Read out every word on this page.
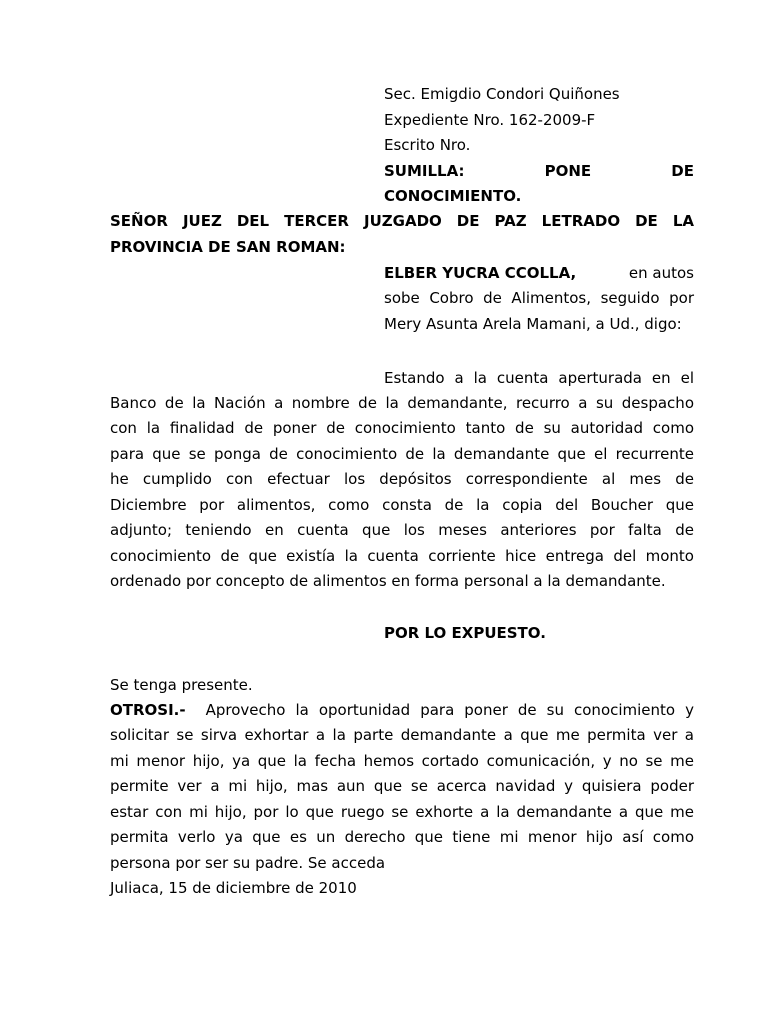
Sec. Emigdio Condori Quiñones
Expediente Nro. 162-2009-F
Escrito Nro.
SUMILLA:	PONE	DE
CONOCIMIENTO.
SEÑOR JUEZ DEL TERCER JUZGADO DE PAZ LETRADO DE LA
PROVINCIA DE SAN ROMAN:
ELBER YUCRA CCOLLA,	en autos
sobe Cobro de Alimentos, seguido por
Mery Asunta Arela Mamani, a Ud., digo:
Estando a la cuenta aperturada en el
Banco de la Nación a nombre de la demandante, recurro a su despacho
con la finalidad de poner de conocimiento tanto de su autoridad como
para que se ponga de conocimiento de la demandante que el recurrente
he cumplido con efectuar los depósitos correspondiente al mes de
Diciembre por alimentos, como consta de la copia del Boucher que
adjunto; teniendo en cuenta que los meses anteriores por falta de
conocimiento de que existía la cuenta corriente hice entrega del monto
ordenado por concepto de alimentos en forma personal a la demandante.
POR LO EXPUESTO.
Se tenga presente.
OTROSI.- Aprovecho la oportunidad para poner de su conocimiento y
solicitar se sirva exhortar a la parte demandante a que me permita ver a
mi menor hijo, ya que la fecha hemos cortado comunicación, y no se me
permite ver a mi hijo, mas aun que se acerca navidad y quisiera poder
estar con mi hijo, por lo que ruego se exhorte a la demandante a que me
permita verlo ya que es un derecho que tiene mi menor hijo así como
persona por ser su padre. Se acceda
Juliaca, 15 de diciembre de 2010
